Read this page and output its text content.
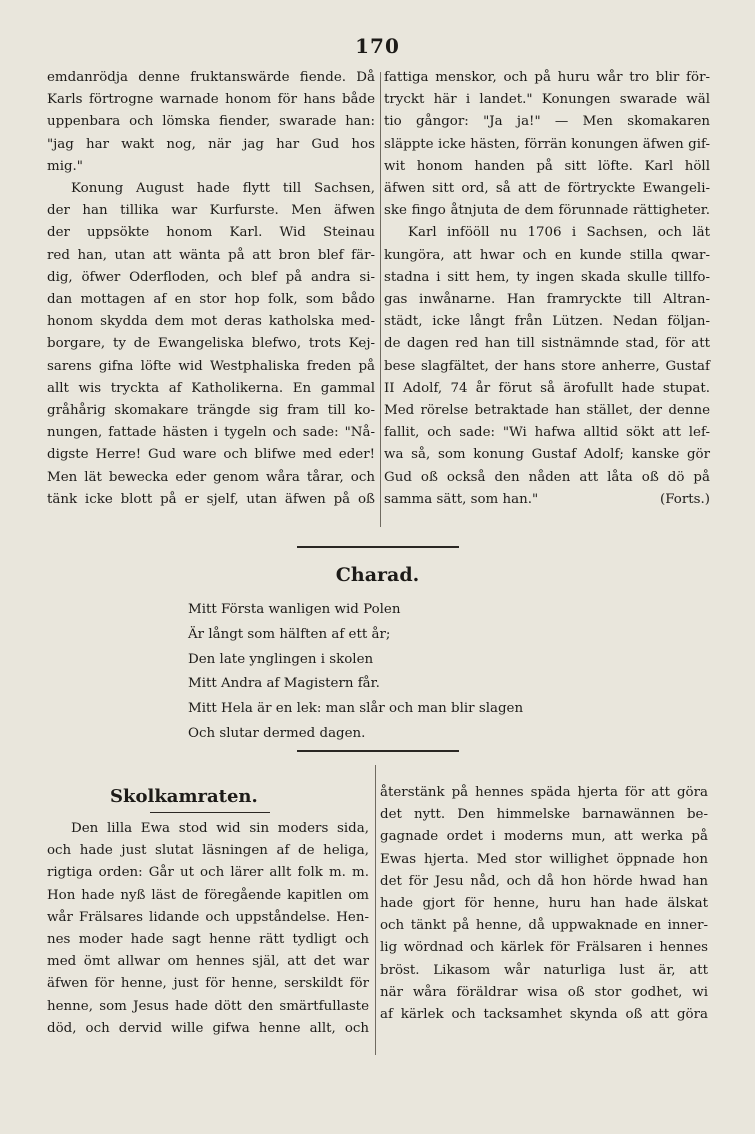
170
emdanrödja denne fruktanswärde fiende. Då
Karls förtrogne warnade honom för hans både
uppenbara och lömska fiender, swarade han:
"jag har wakt nog, när jag har Gud hos
mig."
Konung August hade flytt till Sachsen,
der han tillika war Kurfurste. Men äfwen
der uppsökte honom Karl. Wid Steinau
red han, utan att wänta på att bron blef fär-
dig, öfwer Oderfloden, och blef på andra si-
dan mottagen af en stor hop folk, som bådo
honom skydda dem mot deras katholska med-
borgare, ty de Ewangeliska blefwo, trots Kej-
sarens gifna löfte wid Westphaliska freden på
allt wis tryckta af Katholikerna. En gammal
gråhårig skomakare trängde sig fram till ko-
nungen, fattade hästen i tygeln och sade: "Nå-
digste Herre! Gud ware och blifwe med eder!
Men lät bewecka eder genom wåra tårar, och
tänk icke blott på er sjelf, utan äfwen på oß
fattiga menskor, och på huru wår tro blir för-
tryckt här i landet." Konungen swarade wäl
tio gångor: "Ja ja!" — Men skomakaren
släppte icke hästen, förrän konungen äfwen gif-
wit honom handen på sitt löfte. Karl höll
äfwen sitt ord, så att de förtryckte Ewangeli-
ske fingo åtnjuta de dem förunnade rättigheter.
Karl infööll nu 1706 i Sachsen, och lät
kungöra, att hwar och en kunde stilla qwar-
stadna i sitt hem, ty ingen skada skulle tillfo-
gas inwånarne. Han framryckte till Altran-
städt, icke långt från Lützen. Nedan följan-
de dagen red han till sistnämnde stad, för att
bese slagfältet, der hans store anherre, Gustaf
II Adolf, 74 år förut så ärofullt hade stupat.
Med rörelse betraktade han stället, der denne
fallit, och sade: "Wi hafwa alltid sökt att lef-
wa så, som konung Gustaf Adolf; kanske gör
Gud oß också den nåden att låta oß dö på
samma sätt, som han."	(Forts.)
Charad.
Mitt Första wanligen wid Polen
Är långt som hälften af ett år;
Den late ynglingen i skolen
Mitt Andra af Magistern får.
Mitt Hela är en lek: man slår och man blir slagen
Och slutar dermed dagen.
Skolkamraten.
Den lilla Ewa stod wid sin moders sida,
och hade just slutat läsningen af de heliga,
rigtiga orden: Går ut och lärer allt folk m. m.
Hon hade nyß läst de föregående kapitlen om
wår Frälsares lidande och uppståndelse. Hen-
nes moder hade sagt henne rätt tydligt och
med ömt allwar om hennes själ, att det war
äfwen för henne, just för henne, serskildt för
henne, som Jesus hade dött den smärtfullaste
död, och dervid wille gifwa henne allt, och
återstänk på hennes späda hjerta för att göra
det nytt. Den himmelske barnawännen be-
gagnade ordet i moderns mun, att werka på
Ewas hjerta. Med stor willighet öppnade hon
det för Jesu nåd, och då hon hörde hwad han
hade gjort för henne, huru han hade älskat
och tänkt på henne, då uppwaknade en inner-
lig wördnad och kärlek för Frälsaren i hennes
bröst. Likasom wår naturliga lust är, att
när wåra föräldrar wisa oß stor godhet, wi
af kärlek och tacksamhet skynda oß att göra
